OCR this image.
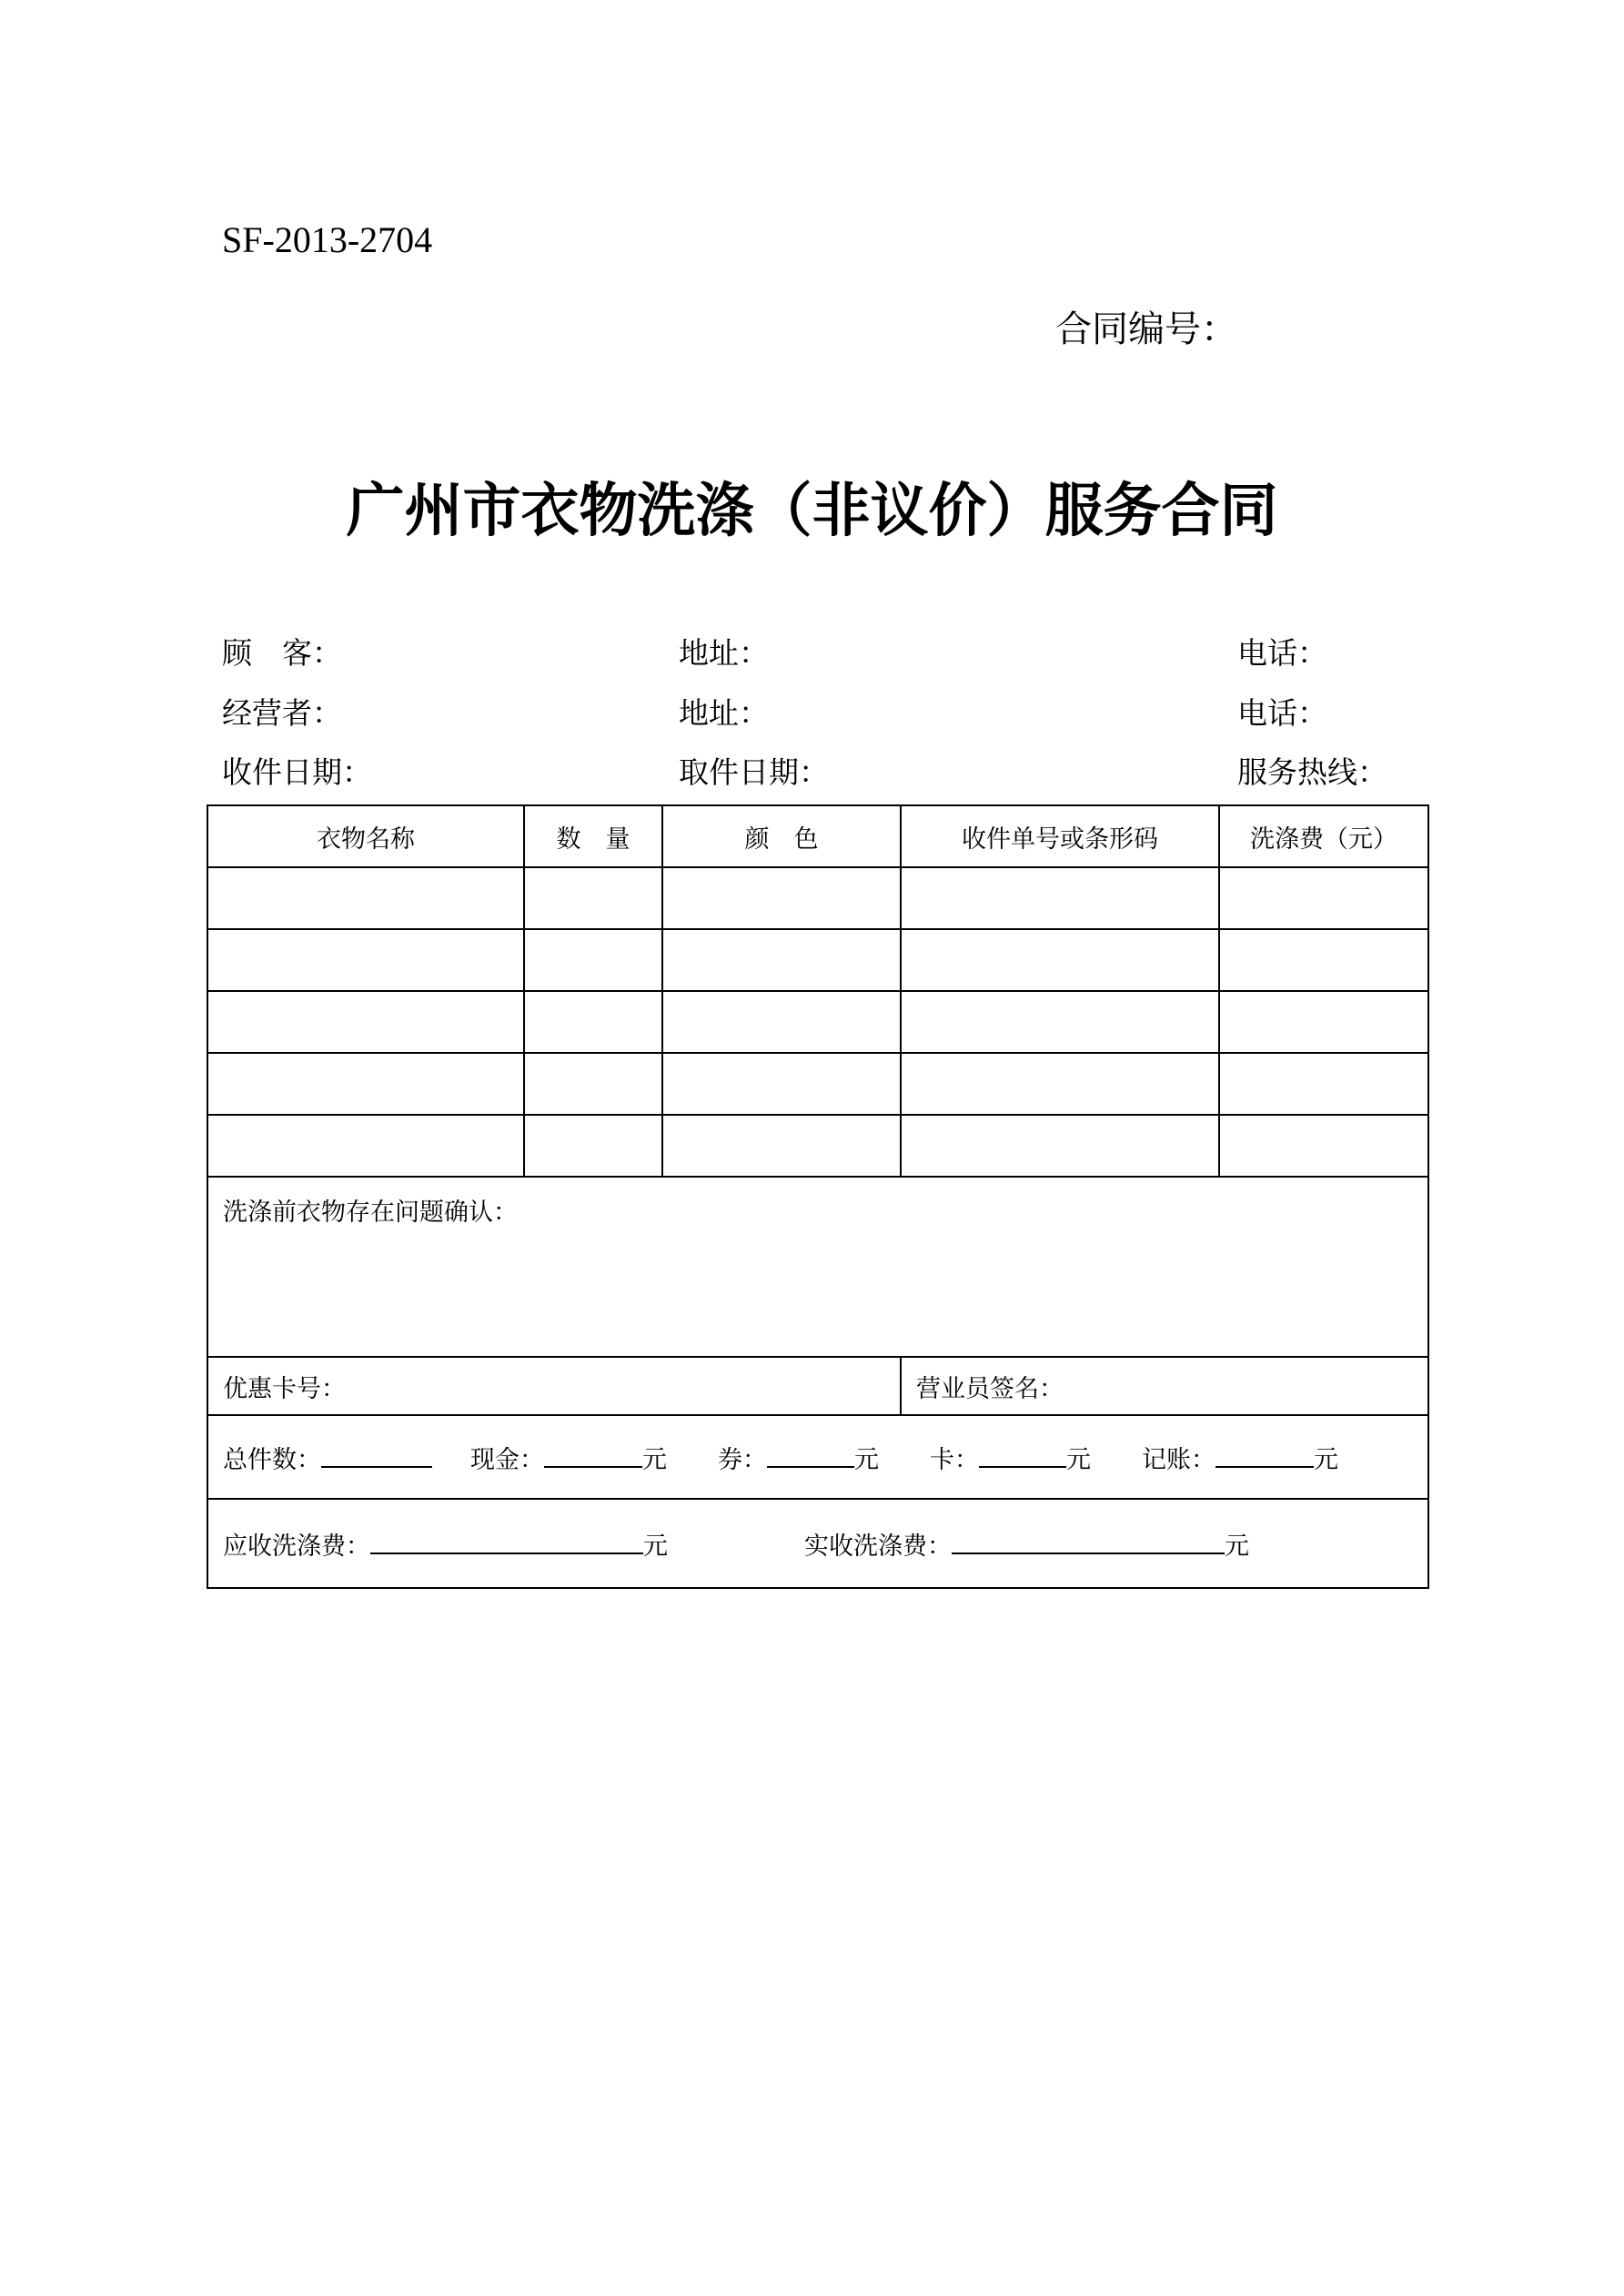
SF-2013-2704
合同编号：
广州市衣物洗涤（非议价）服务合同
顾　客：	地址：	电话：
经营者：	地址：	电话：
收件日期：	取件日期：	服务热线：
衣物名称	数　量	颜　色	收件单号或条形码	洗涤费（元）

洗涤前衣物存在问题确认：				
优惠卡号：			营业员签名：	
总件数： 现金： 元 券： 元 卡： 元 记账： 元				
应收洗涤费： 元 实收洗涤费： 元				
